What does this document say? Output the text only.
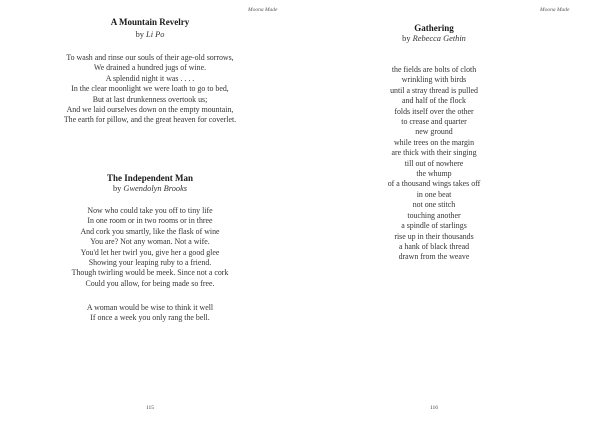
Moona Made
A Mountain Revelry
by Li Po
To wash and rinse our souls of their age-old sorrows,
We drained a hundred jugs of wine.
A splendid night it was . . . .
In the clear moonlight we were loath to go to bed,
But at last drunkenness overtook us;
And we laid ourselves down on the empty mountain,
The earth for pillow, and the great heaven for coverlet.
The Independent Man
by Gwendolyn Brooks
Now who could take you off to tiny life
In one room or in two rooms or in three
And cork you smartly, like the flask of wine
You are? Not any woman. Not a wife.
You'd let her twirl you, give her a good glee
Showing your leaping ruby to a friend.
Though twirling would be meek. Since not a cork
Could you allow, for being made so free.
A woman would be wise to think it well
If once a week you only rang the bell.
115
Moona Made
Gathering
by Rebecca Gethin
the fields are bolts of cloth
wrinkling with birds
until a stray thread is pulled
and half of the flock
folds itself over the other
to crease and quarter
new ground
while trees on the margin
are thick with their singing
till out of nowhere
the whump
of a thousand wings takes off
in one beat
not one stitch
touching another
a spindle of starlings
rise up in their thousands
a hank of black thread
drawn from the weave
116
